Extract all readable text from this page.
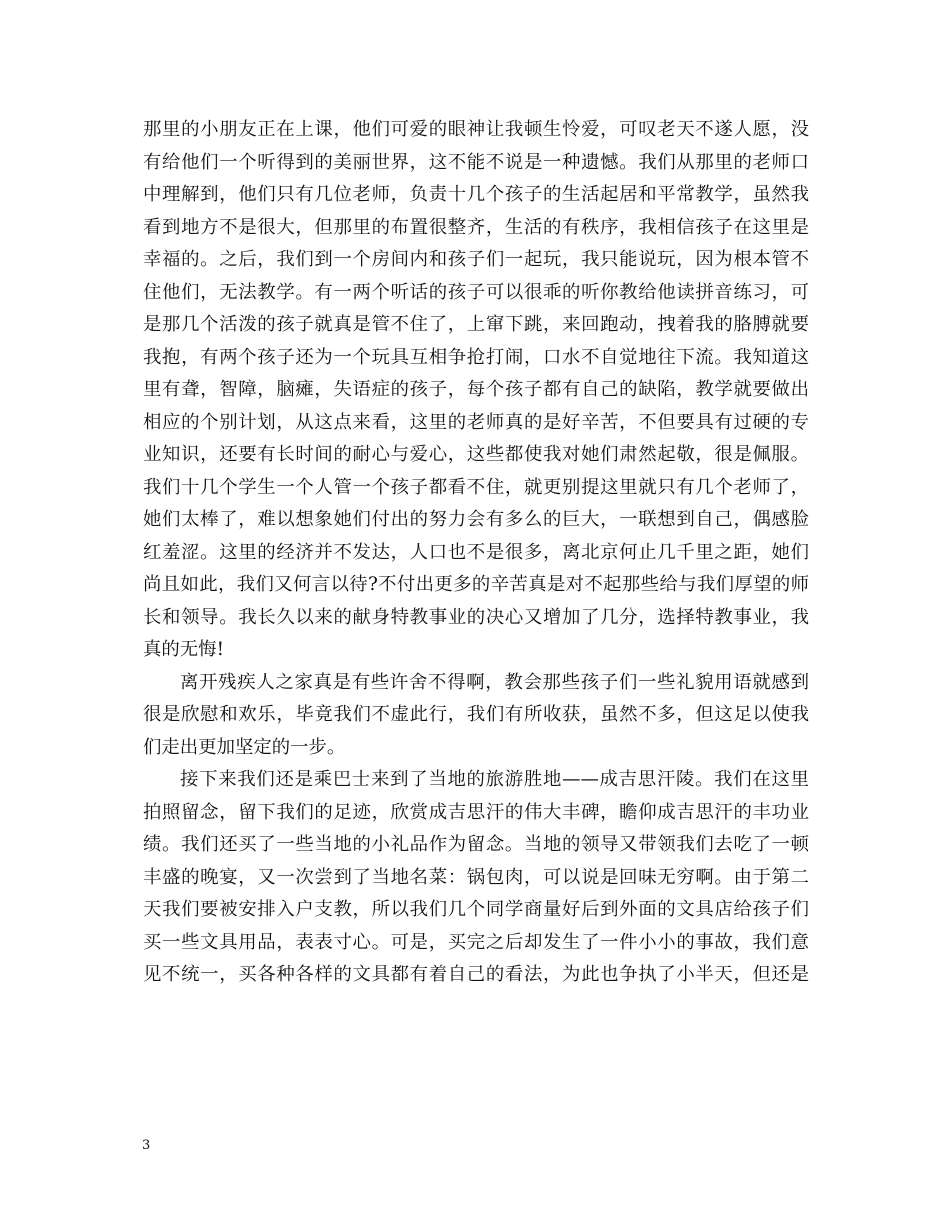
那里的小朋友正在上课，他们可爱的眼神让我顿生怜爱，可叹老天不遂人愿，没
有给他们一个听得到的美丽世界，这不能不说是一种遗憾。我们从那里的老师口
中理解到，他们只有几位老师，负责十几个孩子的生活起居和平常教学，虽然我
看到地方不是很大，但那里的布置很整齐，生活的有秩序，我相信孩子在这里是
幸福的。之后，我们到一个房间内和孩子们一起玩，我只能说玩，因为根本管不
住他们，无法教学。有一两个听话的孩子可以很乖的听你教给他读拼音练习，可
是那几个活泼的孩子就真是管不住了，上窜下跳，来回跑动，拽着我的胳膊就要
我抱，有两个孩子还为一个玩具互相争抢打闹，口水不自觉地往下流。我知道这
里有聋，智障，脑瘫，失语症的孩子，每个孩子都有自己的缺陷，教学就要做出
相应的个别计划，从这点来看，这里的老师真的是好辛苦，不但要具有过硬的专
业知识，还要有长时间的耐心与爱心，这些都使我对她们肃然起敬，很是佩服。
我们十几个学生一个人管一个孩子都看不住，就更别提这里就只有几个老师了，
她们太棒了，难以想象她们付出的努力会有多么的巨大，一联想到自己，偶感脸
红羞涩。这里的经济并不发达，人口也不是很多，离北京何止几千里之距，她们
尚且如此，我们又何言以待?不付出更多的辛苦真是对不起那些给与我们厚望的师
长和领导。我长久以来的献身特教事业的决心又增加了几分，选择特教事业，我
真的无悔!
离开残疾人之家真是有些许舍不得啊，教会那些孩子们一些礼貌用语就感到
很是欣慰和欢乐，毕竟我们不虚此行，我们有所收获，虽然不多，但这足以使我
们走出更加坚定的一步。
接下来我们还是乘巴士来到了当地的旅游胜地——成吉思汗陵。我们在这里
拍照留念，留下我们的足迹，欣赏成吉思汗的伟大丰碑，瞻仰成吉思汗的丰功业
绩。我们还买了一些当地的小礼品作为留念。当地的领导又带领我们去吃了一顿
丰盛的晚宴，又一次尝到了当地名菜：锅包肉，可以说是回味无穷啊。由于第二
天我们要被安排入户支教，所以我们几个同学商量好后到外面的文具店给孩子们
买一些文具用品，表表寸心。可是，买完之后却发生了一件小小的事故，我们意
见不统一，买各种各样的文具都有着自己的看法，为此也争执了小半天，但还是
3
